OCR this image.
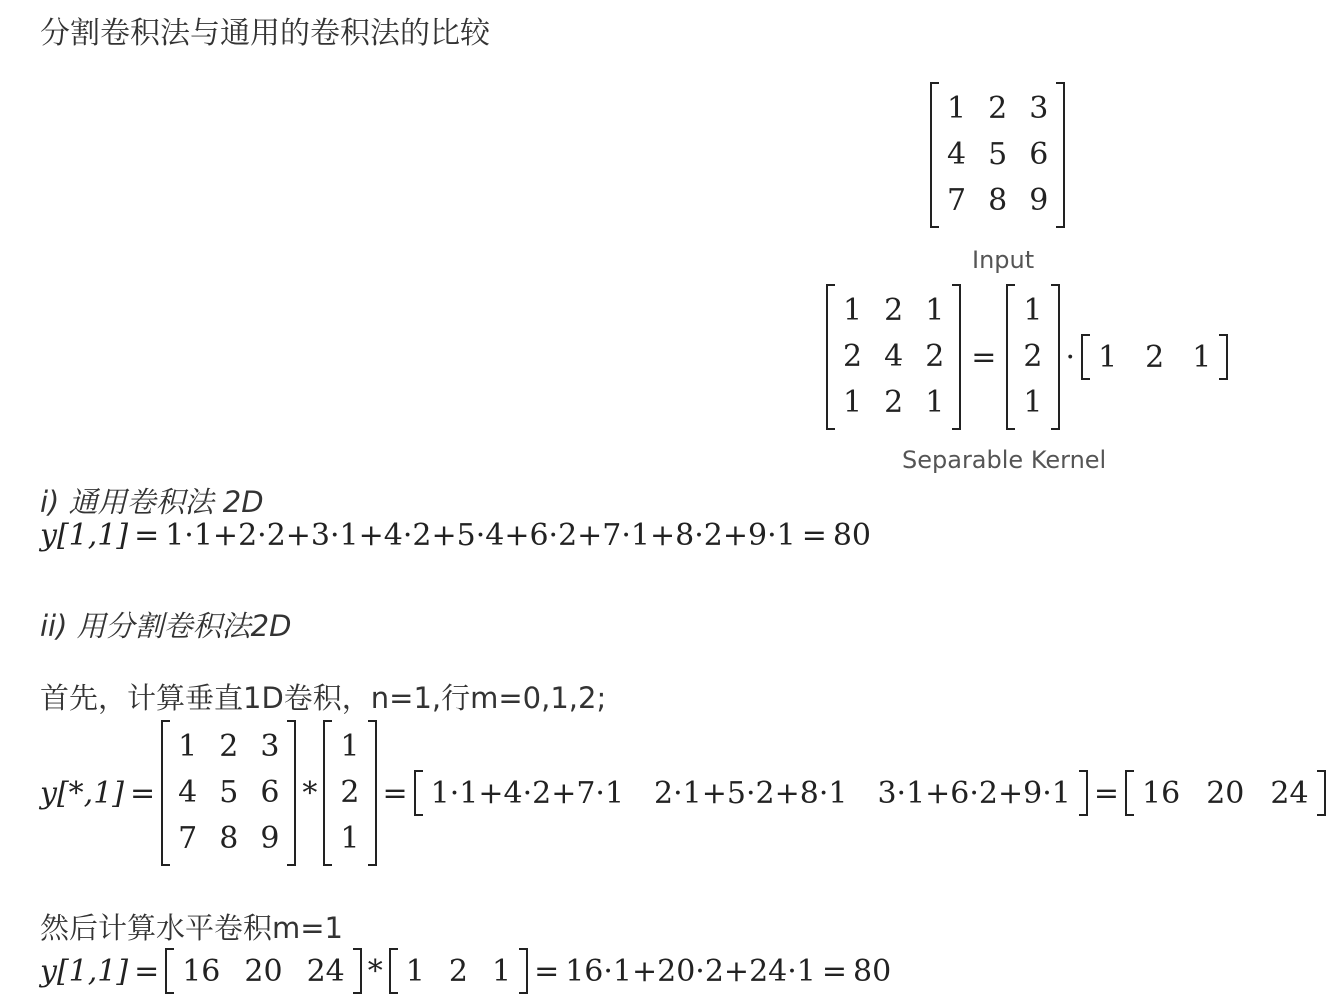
分割卷积法与通用的卷积法的比较
1 2 3
4 5 6
7 8 9
Input
1 2 1
2 4 2
1 2 1
=
1
2
1
· 1 2 1
Separable Kernel
i) 通用卷积法 2D
y[1,1] = 1·1+2·2+3·1+4·2+5·4+6·2+7·1+8·2+9·1 = 80
ii) 用分割卷积法2D
首先，计算垂直1D卷积，n=1,行m=0,1,2;
y[*,1] =
1 2 3
4 5 6
7 8 9
*
1
2
1
= 1·1+4·2+7·1 2·1+5·2+8·1 3·1+6·2+9·1 = 16 20 24
然后计算水平卷积m=1
y[1,1] = 16 20 24 * 1 2 1 = 16·1+20·2+24·1 = 80
